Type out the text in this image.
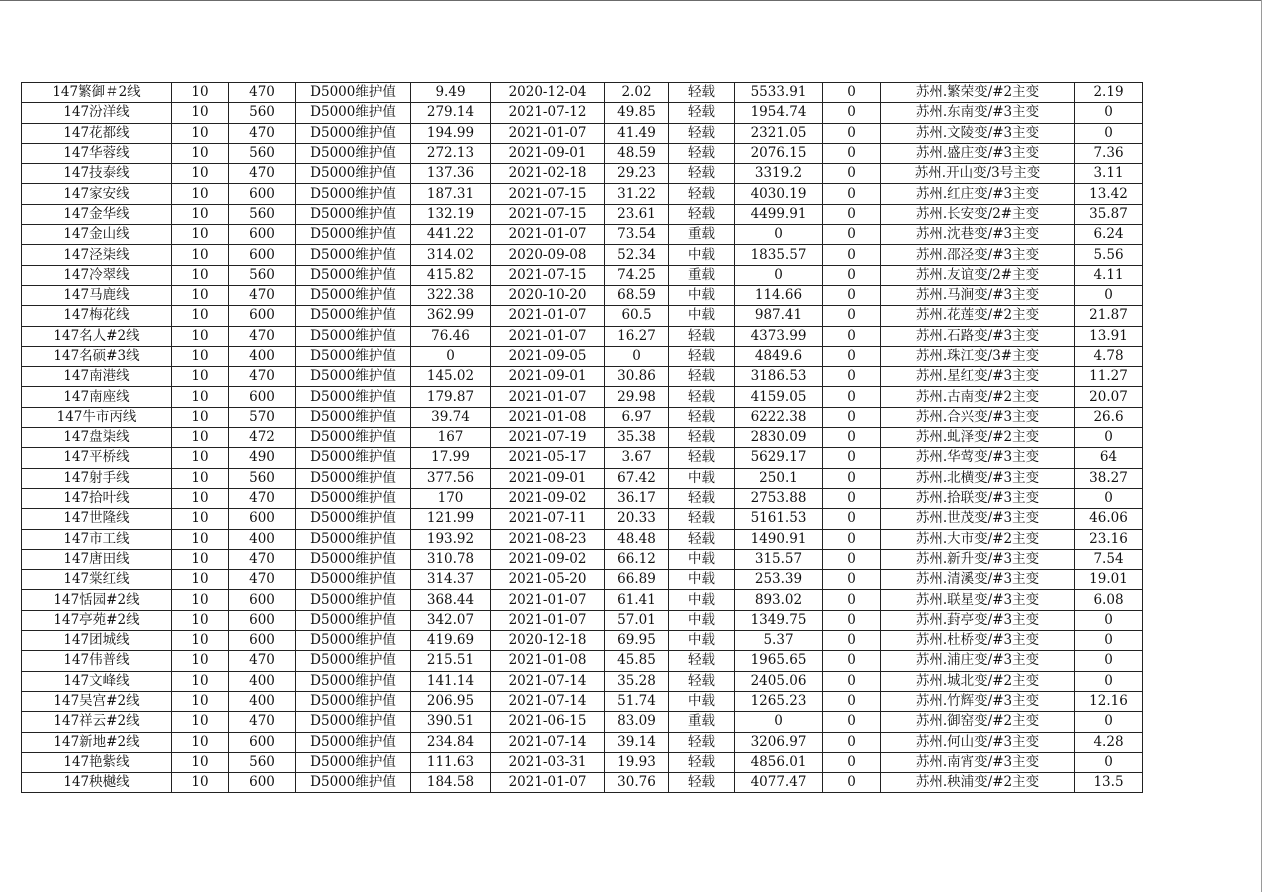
147繁御＃2线	10	470	D5000维护值	9.49	2020-12-04	2.02	轻载	5533.91	0	苏州.繁荣变/#2主变	2.19
147汾洋线	10	560	D5000维护值	279.14	2021-07-12	49.85	轻载	1954.74	0	苏州.东南变/#3主变	0
147花都线	10	470	D5000维护值	194.99	2021-01-07	41.49	轻载	2321.05	0	苏州.文陵变/#3主变	0
147华蓉线	10	560	D5000维护值	272.13	2021-09-01	48.59	轻载	2076.15	0	苏州.盛庄变/#3主变	7.36
147技泰线	10	470	D5000维护值	137.36	2021-02-18	29.23	轻载	3319.2	0	苏州.开山变/3号主变	3.11
147家安线	10	600	D5000维护值	187.31	2021-07-15	31.22	轻载	4030.19	0	苏州.红庄变/#3主变	13.42
147金华线	10	560	D5000维护值	132.19	2021-07-15	23.61	轻载	4499.91	0	苏州.长安变/2#主变	35.87
147金山线	10	600	D5000维护值	441.22	2021-01-07	73.54	重载	0	0	苏州.沈巷变/#3主变	6.24
147泾柒线	10	600	D5000维护值	314.02	2020-09-08	52.34	中载	1835.57	0	苏州.邵泾变/#3主变	5.56
147冷翠线	10	560	D5000维护值	415.82	2021-07-15	74.25	重载	0	0	苏州.友谊变/2#主变	4.11
147马鹿线	10	470	D5000维护值	322.38	2020-10-20	68.59	中载	114.66	0	苏州.马涧变/#3主变	0
147梅花线	10	600	D5000维护值	362.99	2021-01-07	60.5	中载	987.41	0	苏州.花莲变/#2主变	21.87
147名人#2线	10	470	D5000维护值	76.46	2021-01-07	16.27	轻载	4373.99	0	苏州.石路变/#3主变	13.91
147名硕#3线	10	400	D5000维护值	0	2021-09-05	0	轻载	4849.6	0	苏州.珠江变/3#主变	4.78
147南港线	10	470	D5000维护值	145.02	2021-09-01	30.86	轻载	3186.53	0	苏州.星红变/#3主变	11.27
147南座线	10	600	D5000维护值	179.87	2021-01-07	29.98	轻载	4159.05	0	苏州.古南变/#2主变	20.07
147牛市丙线	10	570	D5000维护值	39.74	2021-01-08	6.97	轻载	6222.38	0	苏州.合兴变/#3主变	26.6
147盘柒线	10	472	D5000维护值	167	2021-07-19	35.38	轻载	2830.09	0	苏州.虬泽变/#2主变	0
147平桥线	10	490	D5000维护值	17.99	2021-05-17	3.67	轻载	5629.17	0	苏州.华莺变/#3主变	64
147射手线	10	560	D5000维护值	377.56	2021-09-01	67.42	中载	250.1	0	苏州.北横变/#3主变	38.27
147拾叶线	10	470	D5000维护值	170	2021-09-02	36.17	轻载	2753.88	0	苏州.拾联变/#3主变	0
147世隆线	10	600	D5000维护值	121.99	2021-07-11	20.33	轻载	5161.53	0	苏州.世茂变/#3主变	46.06
147市工线	10	400	D5000维护值	193.92	2021-08-23	48.48	轻载	1490.91	0	苏州.大市变/#2主变	23.16
147唐田线	10	470	D5000维护值	310.78	2021-09-02	66.12	中载	315.57	0	苏州.新升变/#3主变	7.54
147棠红线	10	470	D5000维护值	314.37	2021-05-20	66.89	中载	253.39	0	苏州.清溪变/#3主变	19.01
147恬园#2线	10	600	D5000维护值	368.44	2021-01-07	61.41	中载	893.02	0	苏州.联星变/#3主变	6.08
147亭苑#2线	10	600	D5000维护值	342.07	2021-01-07	57.01	中载	1349.75	0	苏州.葑亭变/#3主变	0
147团城线	10	600	D5000维护值	419.69	2020-12-18	69.95	中载	5.37	0	苏州.杜桥变/#3主变	0
147伟普线	10	470	D5000维护值	215.51	2021-01-08	45.85	轻载	1965.65	0	苏州.浦庄变/#3主变	0
147文峰线	10	400	D5000维护值	141.14	2021-07-14	35.28	轻载	2405.06	0	苏州.城北变/#2主变	0
147吴宫#2线	10	400	D5000维护值	206.95	2021-07-14	51.74	中载	1265.23	0	苏州.竹辉变/#3主变	12.16
147祥云#2线	10	470	D5000维护值	390.51	2021-06-15	83.09	重载	0	0	苏州.御窑变/#2主变	0
147新地#2线	10	600	D5000维护值	234.84	2021-07-14	39.14	轻载	3206.97	0	苏州.何山变/#3主变	4.28
147艳紫线	10	560	D5000维护值	111.63	2021-03-31	19.93	轻载	4856.01	0	苏州.南宵变/#3主变	0
147秧樾线	10	600	D5000维护值	184.58	2021-01-07	30.76	轻载	4077.47	0	苏州.秧浦变/#2主变	13.5
